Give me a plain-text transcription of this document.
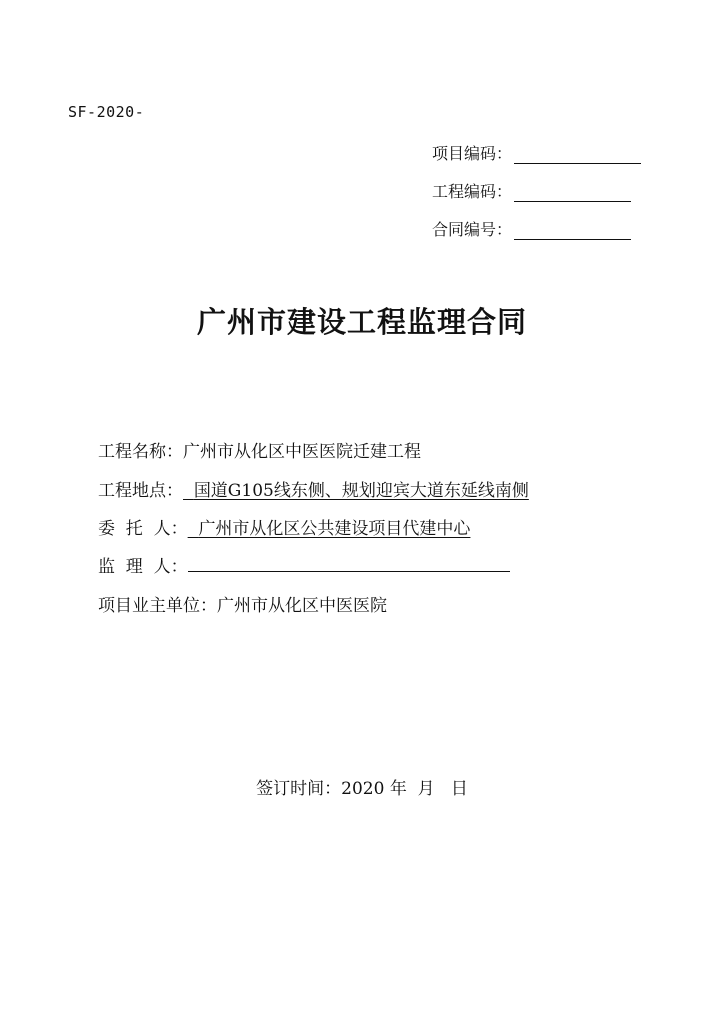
SF-2020-
项目编码：
工程编码：
合同编号：
广州市建设工程监理合同
工程名称：广州市从化区中医医院迁建工程
工程地点： 国道G105线东侧、规划迎宾大道东延线南侧
委  托  人： 广州市从化区公共建设项目代建中心
监  理  人：
项目业主单位：广州市从化区中医医院
签订时间：2020 年 月 日
